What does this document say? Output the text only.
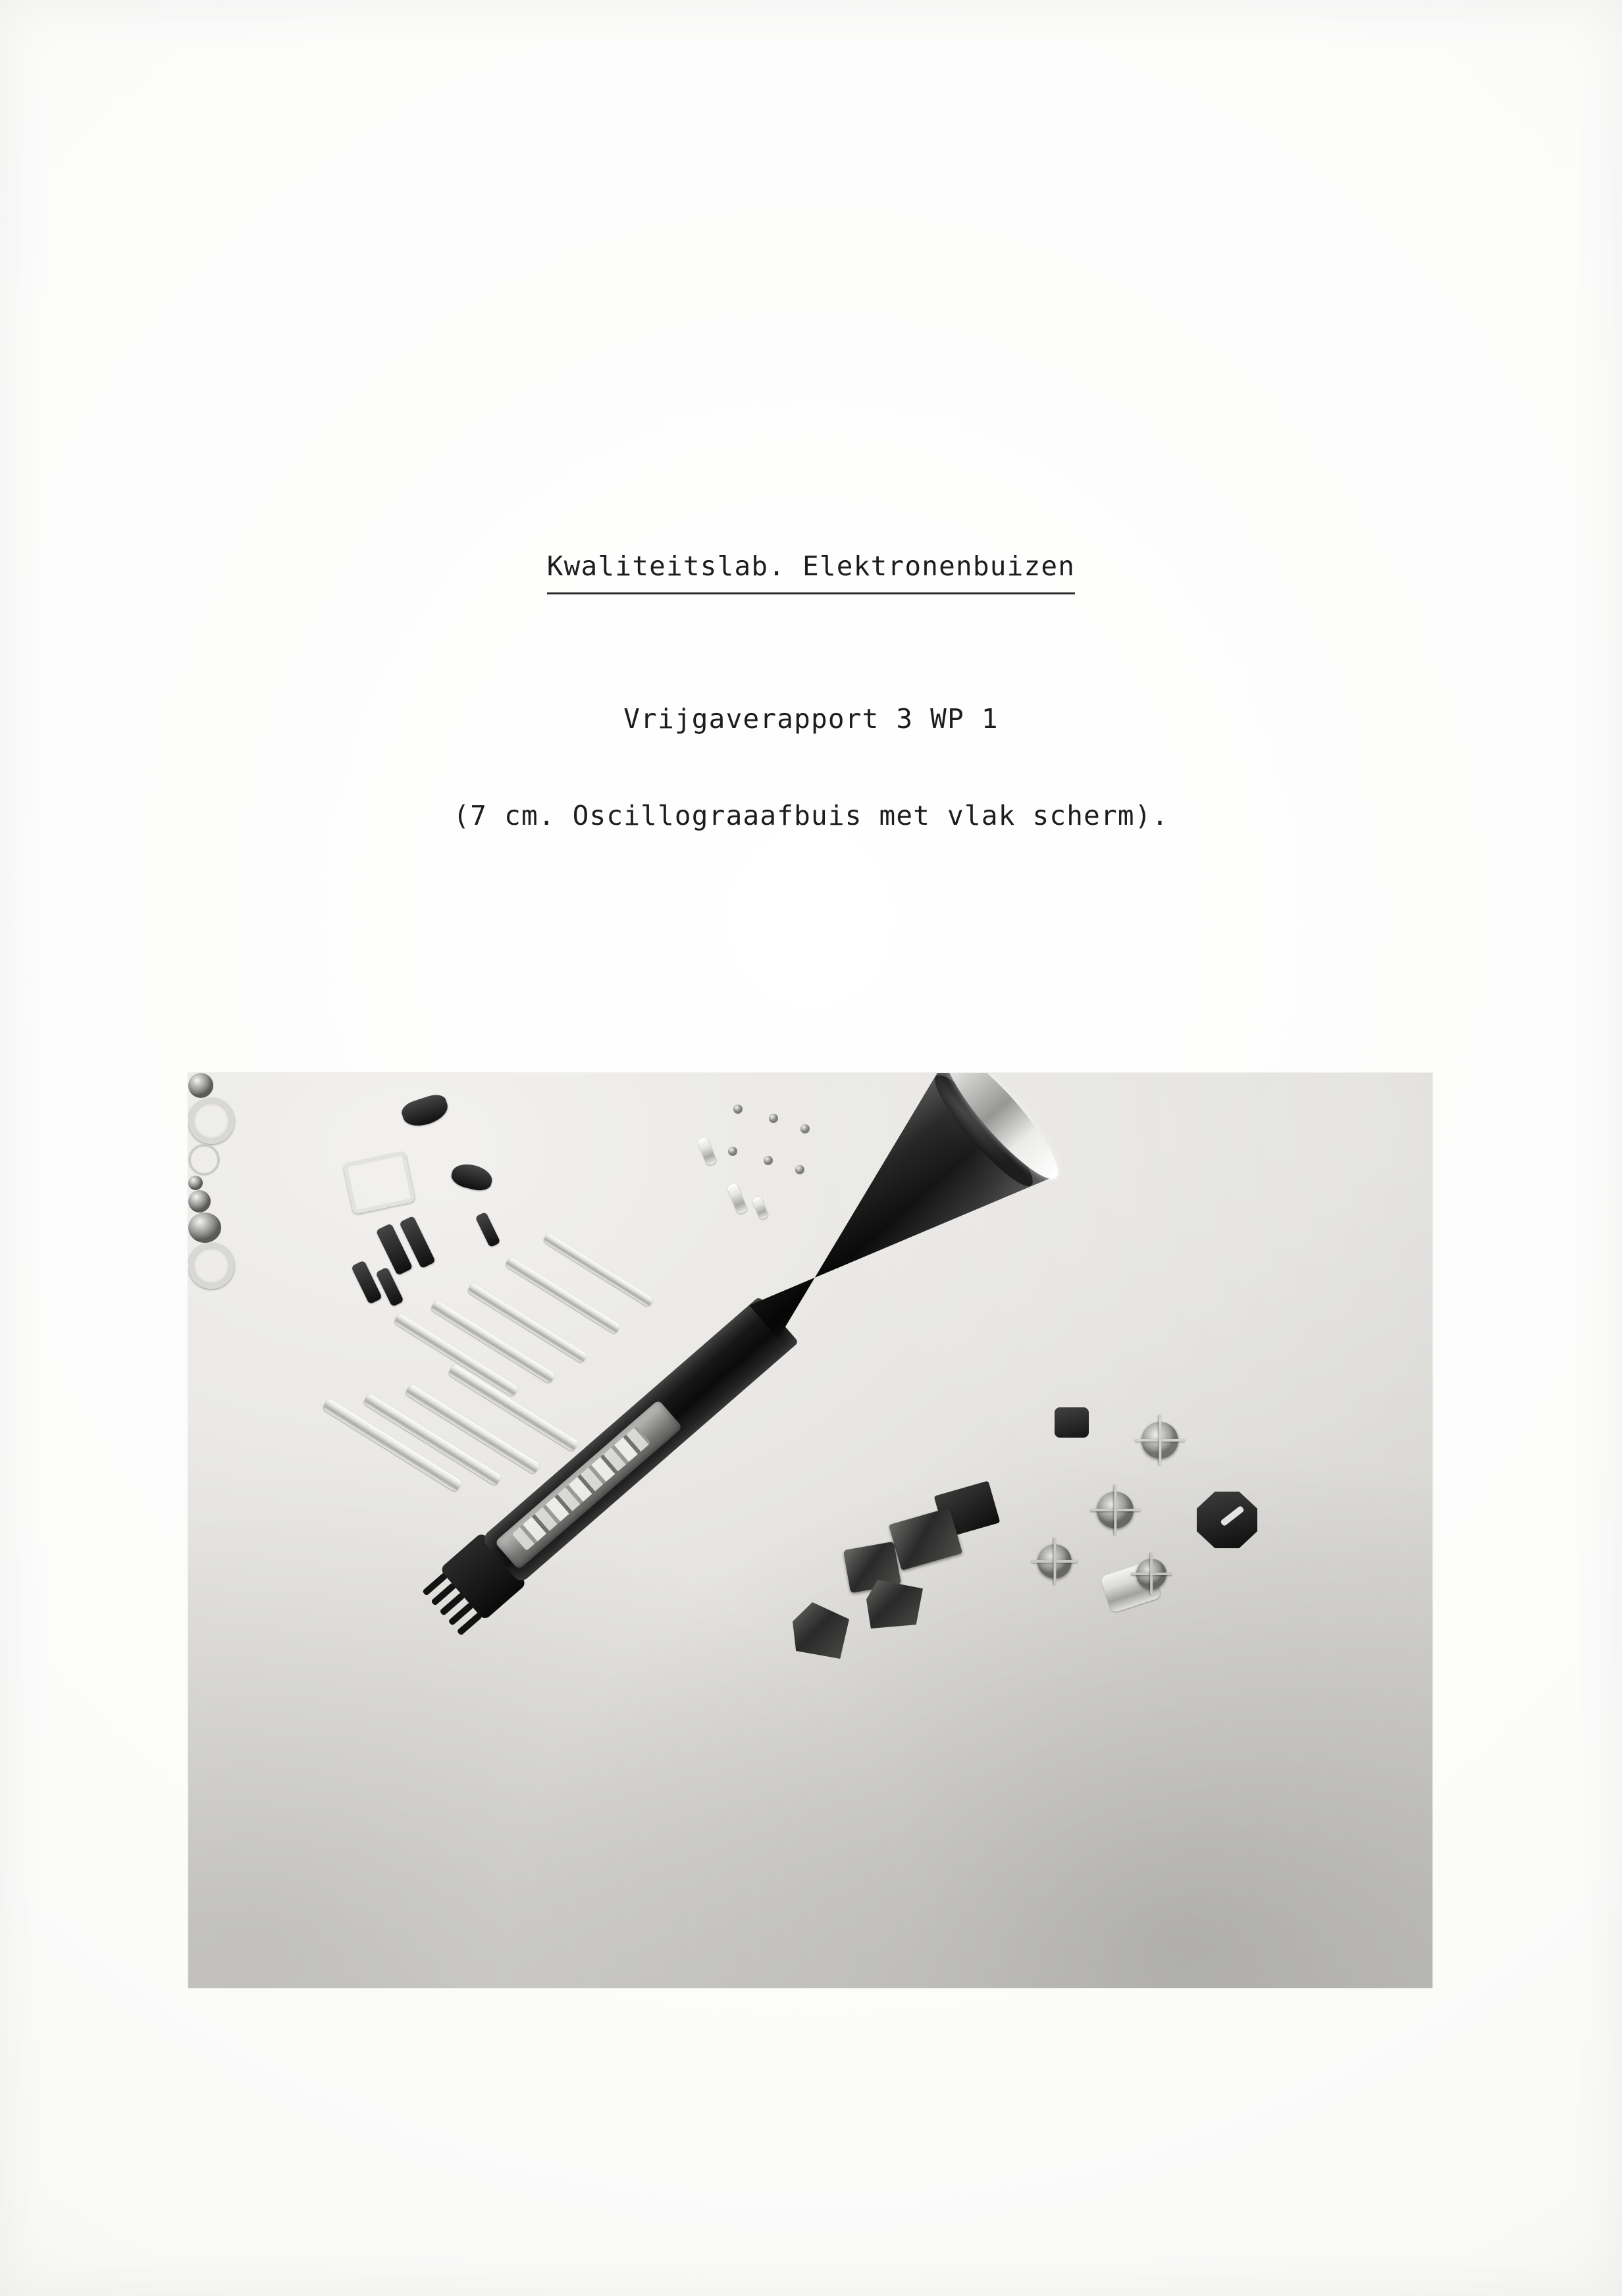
Kwaliteitslab. Elektronenbuizen
Vrijgaverapport 3 WP 1
(7 cm. Oscillograaafbuis met vlak scherm).
